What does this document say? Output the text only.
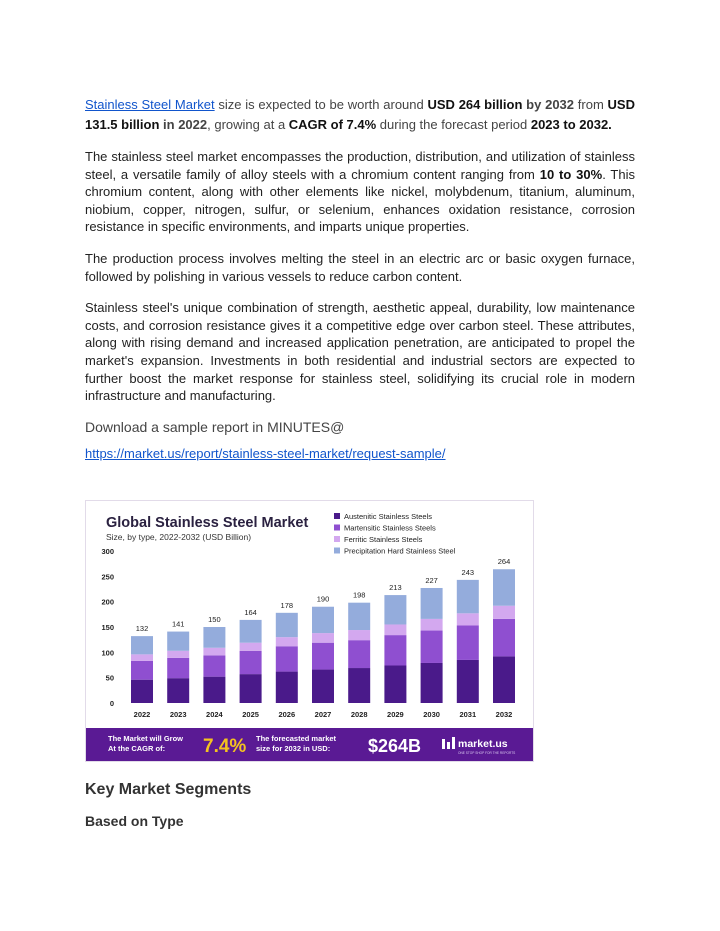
Stainless Steel Market size is expected to be worth around USD 264 billion by 2032 from USD 131.5 billion in 2022, growing at a CAGR of 7.4% during the forecast period 2023 to 2032.

The stainless steel market encompasses the production, distribution, and utilization of stainless steel, a versatile family of alloy steels with a chromium content ranging from 10 to 30%. This chromium content, along with other elements like nickel, molybdenum, titanium, aluminum, niobium, copper, nitrogen, sulfur, or selenium, enhances oxidation resistance, corrosion resistance in specific environments, and imparts unique properties.

The production process involves melting the steel in an electric arc or basic oxygen furnace, followed by polishing in various vessels to reduce carbon content.

Stainless steel's unique combination of strength, aesthetic appeal, durability, low maintenance costs, and corrosion resistance gives it a competitive edge over carbon steel. These attributes, along with rising demand and increased application penetration, are anticipated to propel the market's expansion. Investments in both residential and industrial sectors are expected to further boost the market response for stainless steel, solidifying its crucial role in modern infrastructure and manufacturing.

Download a sample report in MINUTES@

https://market.us/report/stainless-steel-market/request-sample/

Global Stainless Steel Market
Size, by type, 2022-2032 (USD Billion)
Austenitic Stainless Steels
Martensitic Stainless Steels
Ferritic Stainless Steels
Precipitation Hard Stainless Steel
0
50
100
150
200
250
300
132
2022
141
2023
150
2024
164
2025
178
2026
190
2027
198
2028
213
2029
227
2030
243
2031
264
2032
The Market will Grow
At the CAGR of: 7.4% The forecasted market
size for 2032 in USD: $264B	market.us
ONE STOP SHOP FOR THE REPORTS
Key Market Segments
Based on Type
